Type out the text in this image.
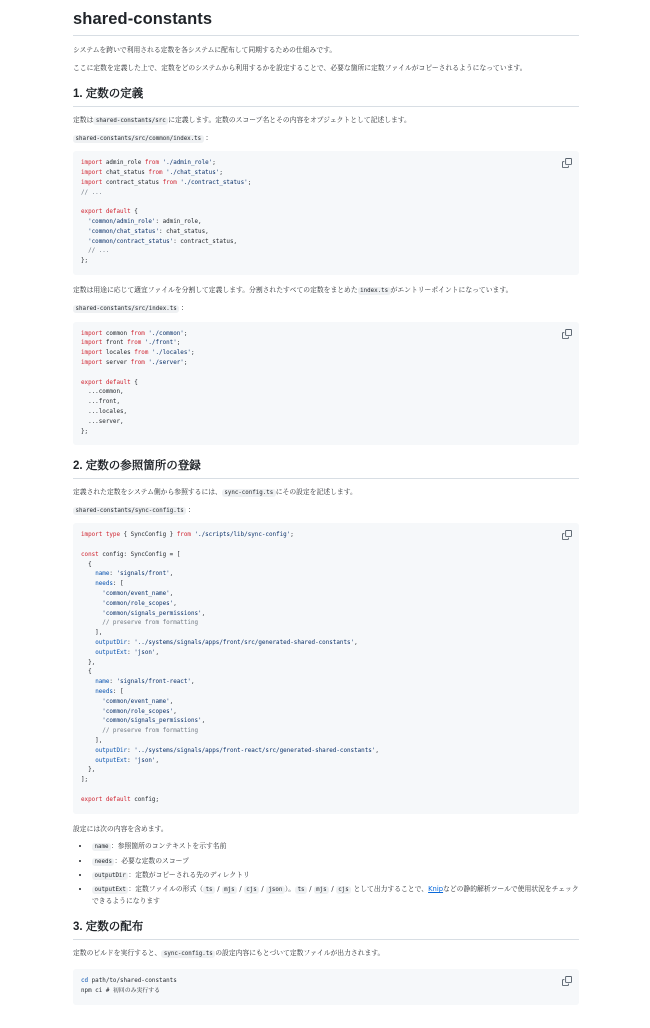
shared-constants

システムを跨いで利用される定数を各システムに配布して同期するための仕組みです。

ここに定数を定義した上で、定数をどのシステムから利用するかを設定することで、必要な箇所に定数ファイルがコピーされるようになっています。

1. 定数の定義

定数は shared-constants/src に定義します。定数のスコープ名とその内容をオブジェクトとして記述します。

shared-constants/src/common/index.ts :

import admin_role from './admin_role';
import chat_status from './chat_status';
import contract_status from './contract_status';
// ...

export default {
'common/admin_role': admin_role,
'common/chat_status': chat_status,
'common/contract_status': contract_status,
// ...
};

定数は用途に応じて適宜ファイルを分割して定義します。分割されたすべての定数をまとめた index.ts がエントリーポイントになっています。

shared-constants/src/index.ts :

import common from './common';
import front from './front';
import locales from './locales';
import server from './server';

export default {
...common,
...front,
...locales,
...server,
};
2. 定数の参照箇所の登録

定義された定数をシステム側から参照するには、 sync-config.ts にその設定を記述します。

shared-constants/sync-config.ts :

import type { SyncConfig } from './scripts/lib/sync-config';

const config: SyncConfig = [
{
name: 'signals/front',
needs: [
'common/event_name',
'common/role_scopes',
'common/signals_permissions',
// preserve from formatting
],
outputDir: '../systems/signals/apps/front/src/generated-shared-constants',
outputExt: 'json',
},
{
name: 'signals/front-react',
needs: [
'common/event_name',
'common/role_scopes',
'common/signals_permissions',
// preserve from formatting
],
outputDir: '../systems/signals/apps/front-react/src/generated-shared-constants',
outputExt: 'json',
},
];

export default config;

設定には次の内容を含めます。

• name ：参照箇所のコンテキストを示す名前
• needs ：必要な定数のスコープ
• outputDir ：定数がコピーされる先のディレクトリ
• outputExt ：定数ファイルの形式（ ts / mjs / cjs / json ）。 ts / mjs / cjs として出力することで、Knipなどの静的解析ツールで使用状況をチェックできるようになります
3. 定数の配布

定数のビルドを実行すると、 sync-config.ts の設定内容にもとづいて定数ファイルが出力されます。

cd path/to/shared-constants
npm ci # 初回のみ実行する
